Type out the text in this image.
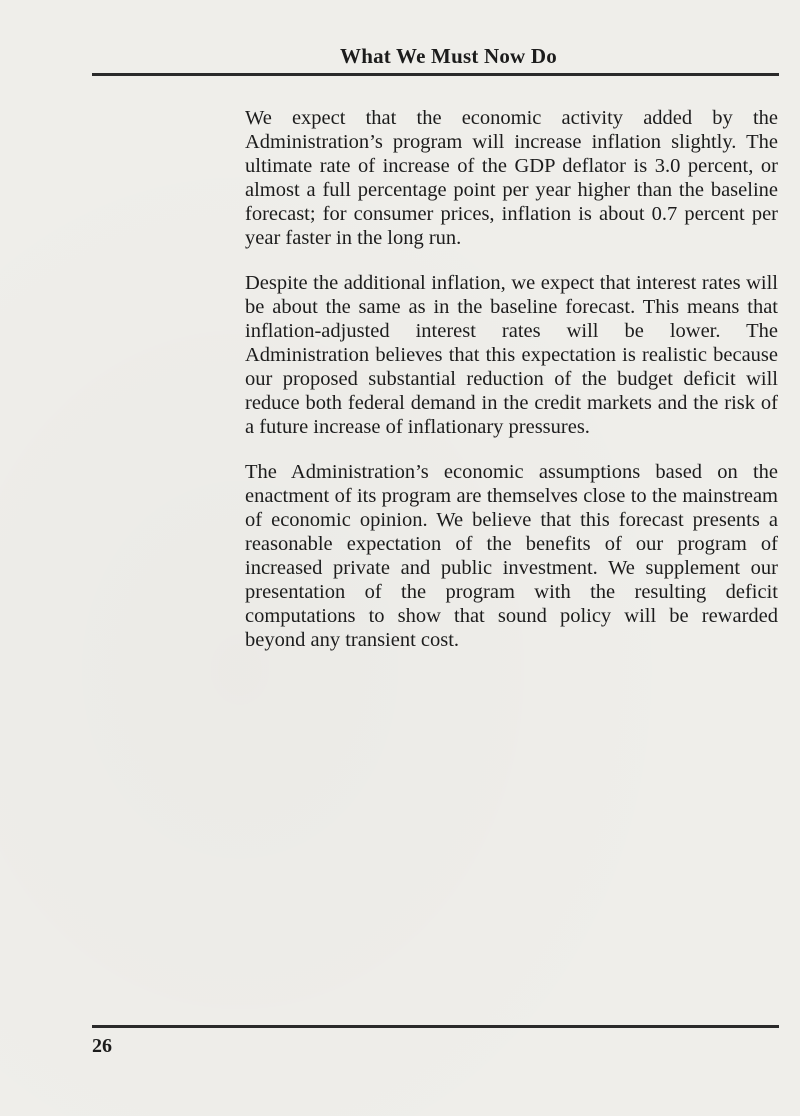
What We Must Now Do

We expect that the economic activity added by the Administration’s program will increase inflation slightly. The ultimate rate of increase of the GDP deflator is 3.0 percent, or almost a full percentage point per year higher than the baseline forecast; for consumer prices, inflation is about 0.7 percent per year faster in the long run.

Despite the additional inflation, we expect that interest rates will be about the same as in the baseline forecast. This means that inflation-adjusted interest rates will be lower. The Administration believes that this expectation is realistic because our proposed substantial reduction of the budget deficit will reduce both federal demand in the credit markets and the risk of a future increase of inflationary pressures.

The Administration’s economic assumptions based on the enactment of its program are themselves close to the mainstream of economic opinion. We believe that this forecast presents a reasonable expectation of the benefits of our program of increased private and public investment. We supplement our presentation of the program with the resulting deficit computations to show that sound policy will be rewarded beyond any transient cost.

26
